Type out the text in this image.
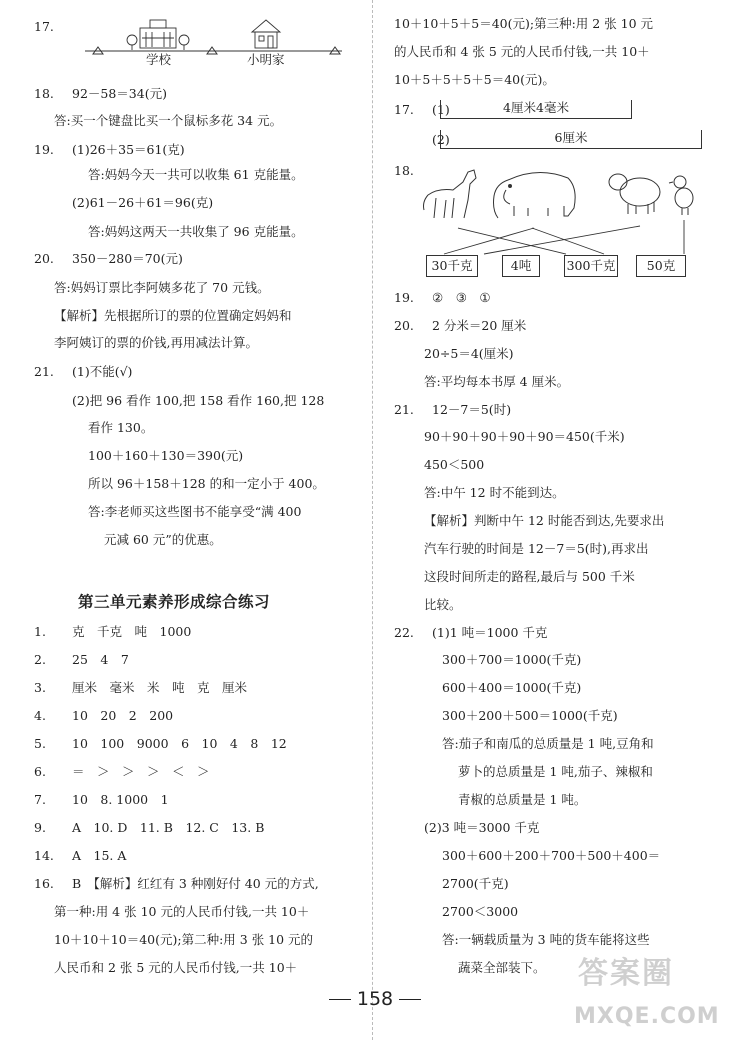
17.
学校	小明家
18. 92－58＝34(元)
答:买一个键盘比买一个鼠标多花 34 元。
19. (1)26＋35＝61(克)
答:妈妈今天一共可以收集 61 克能量。
(2)61－26＋61＝96(克)
答:妈妈这两天一共收集了 96 克能量。
20. 350－280＝70(元)
答:妈妈订票比李阿姨多花了 70 元钱。
【解析】先根据所订的票的位置确定妈妈和
李阿姨订的票的价钱,再用减法计算。
21. (1)不能(√)
(2)把 96 看作 100,把 158 看作 160,把 128
看作 130。
100＋160＋130＝390(元)
所以 96＋158＋128 的和一定小于 400。
答:李老师买这些图书不能享受“满 400
元减 60 元”的优惠。
第三单元素养形成综合练习
1. 克　千克　吨　1000
2. 25　4　7
3. 厘米　毫米　米　吨　克　厘米
4. 10　20　2　200
5. 10　100　9000　6　10　4　8　12
6. ＝　＞　＞　＞　＜　＞
7. 10　8. 1000　1
9. A　10. D　11. B　12. C　13. B
14. A　15. A
16. B　【解析】红红有 3 种刚好付 40 元的方式,
第一种:用 4 张 10 元的人民币付钱,一共 10＋
10＋10＋10＝40(元);第二种:用 3 张 10 元的
人民币和 2 张 5 元的人民币付钱,一共 10＋
10＋10＋5＋5＝40(元);第三种:用 2 张 10 元
的人民币和 4 张 5 元的人民币付钱,一共 10＋
10＋5＋5＋5＋5＝40(元)。
17. (1)	4厘米4毫米
(2)	6厘米
18.
30千克	4吨	300千克	50克
19. ②　③　①
20. 2 分米＝20 厘米
20÷5＝4(厘米)
答:平均每本书厚 4 厘米。
21. 12－7＝5(时)
90＋90＋90＋90＋90＝450(千米)
450＜500
答:中午 12 时不能到达。
【解析】判断中午 12 时能否到达,先要求出
汽车行驶的时间是 12－7＝5(时),再求出
这段时间所走的路程,最后与 500 千米
比较。
22. (1)1 吨＝1000 千克
300＋700＝1000(千克)
600＋400＝1000(千克)
300＋200＋500＝1000(千克)
答:茄子和南瓜的总质量是 1 吨,豆角和
萝卜的总质量是 1 吨,茄子、辣椒和
青椒的总质量是 1 吨。
(2)3 吨＝3000 千克
300＋600＋200＋700＋500＋400＝
2700(千克)
2700＜3000
答:一辆载质量为 3 吨的货车能将这些
蔬菜全部装下。
158
答案圈
MXQE.COM
